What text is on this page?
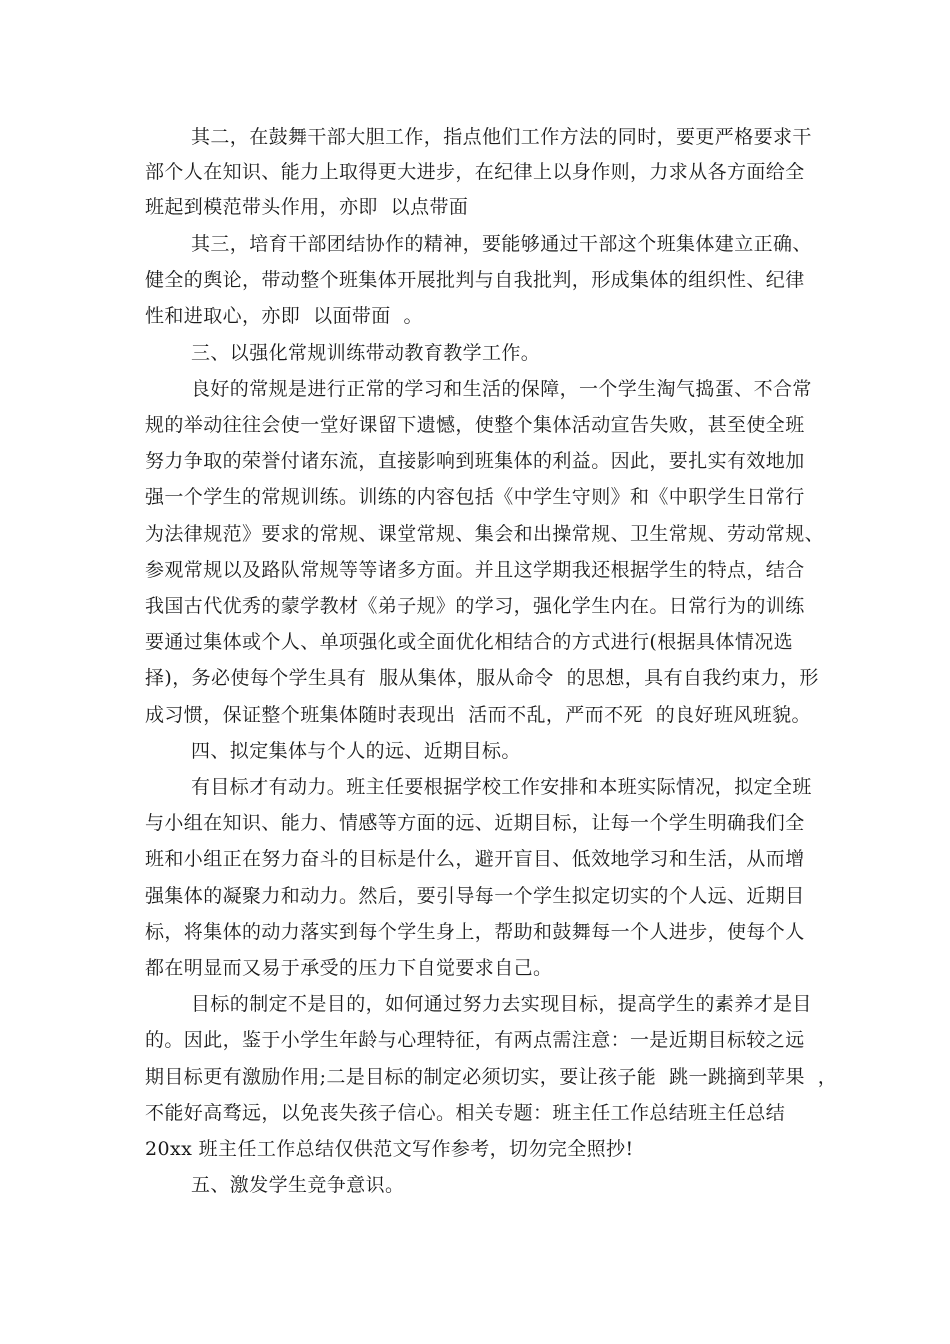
其二，在鼓舞干部大胆工作，指点他们工作方法的同时，要更严格要求干
部个人在知识、能力上取得更大进步，在纪律上以身作则，力求从各方面给全
班起到模范带头作用，亦即  以点带面
其三，培育干部团结协作的精神，要能够通过干部这个班集体建立正确、
健全的舆论，带动整个班集体开展批判与自我批判，形成集体的组织性、纪律
性和进取心，亦即  以面带面  。
三、以强化常规训练带动教育教学工作。
良好的常规是进行正常的学习和生活的保障，一个学生淘气捣蛋、不合常
规的举动往往会使一堂好课留下遗憾，使整个集体活动宣告失败，甚至使全班
努力争取的荣誉付诸东流，直接影响到班集体的利益。因此，要扎实有效地加
强一个学生的常规训练。训练的内容包括《中学生守则》和《中职学生日常行
为法律规范》要求的常规、课堂常规、集会和出操常规、卫生常规、劳动常规、
参观常规以及路队常规等等诸多方面。并且这学期我还根据学生的特点，结合
我国古代优秀的蒙学教材《弟子规》的学习，强化学生内在。日常行为的训练
要通过集体或个人、单项强化或全面优化相结合的方式进行(根据具体情况选
择)，务必使每个学生具有  服从集体，服从命令  的思想，具有自我约束力，形
成习惯，保证整个班集体随时表现出  活而不乱，严而不死  的良好班风班貌。
四、拟定集体与个人的远、近期目标。
有目标才有动力。班主任要根据学校工作安排和本班实际情况，拟定全班
与小组在知识、能力、情感等方面的远、近期目标，让每一个学生明确我们全
班和小组正在努力奋斗的目标是什么，避开盲目、低效地学习和生活，从而增
强集体的凝聚力和动力。然后，要引导每一个学生拟定切实的个人远、近期目
标，将集体的动力落实到每个学生身上，帮助和鼓舞每一个人进步，使每个人
都在明显而又易于承受的压力下自觉要求自己。
目标的制定不是目的，如何通过努力去实现目标，提高学生的素养才是目
的。因此，鉴于小学生年龄与心理特征，有两点需注意：一是近期目标较之远
期目标更有激励作用;二是目标的制定必须切实，要让孩子能  跳一跳摘到苹果  ，
不能好高骛远，以免丧失孩子信心。相关专题：班主任工作总结班主任总结
20xx 班主任工作总结仅供范文写作参考，切勿完全照抄!
五、激发学生竞争意识。
